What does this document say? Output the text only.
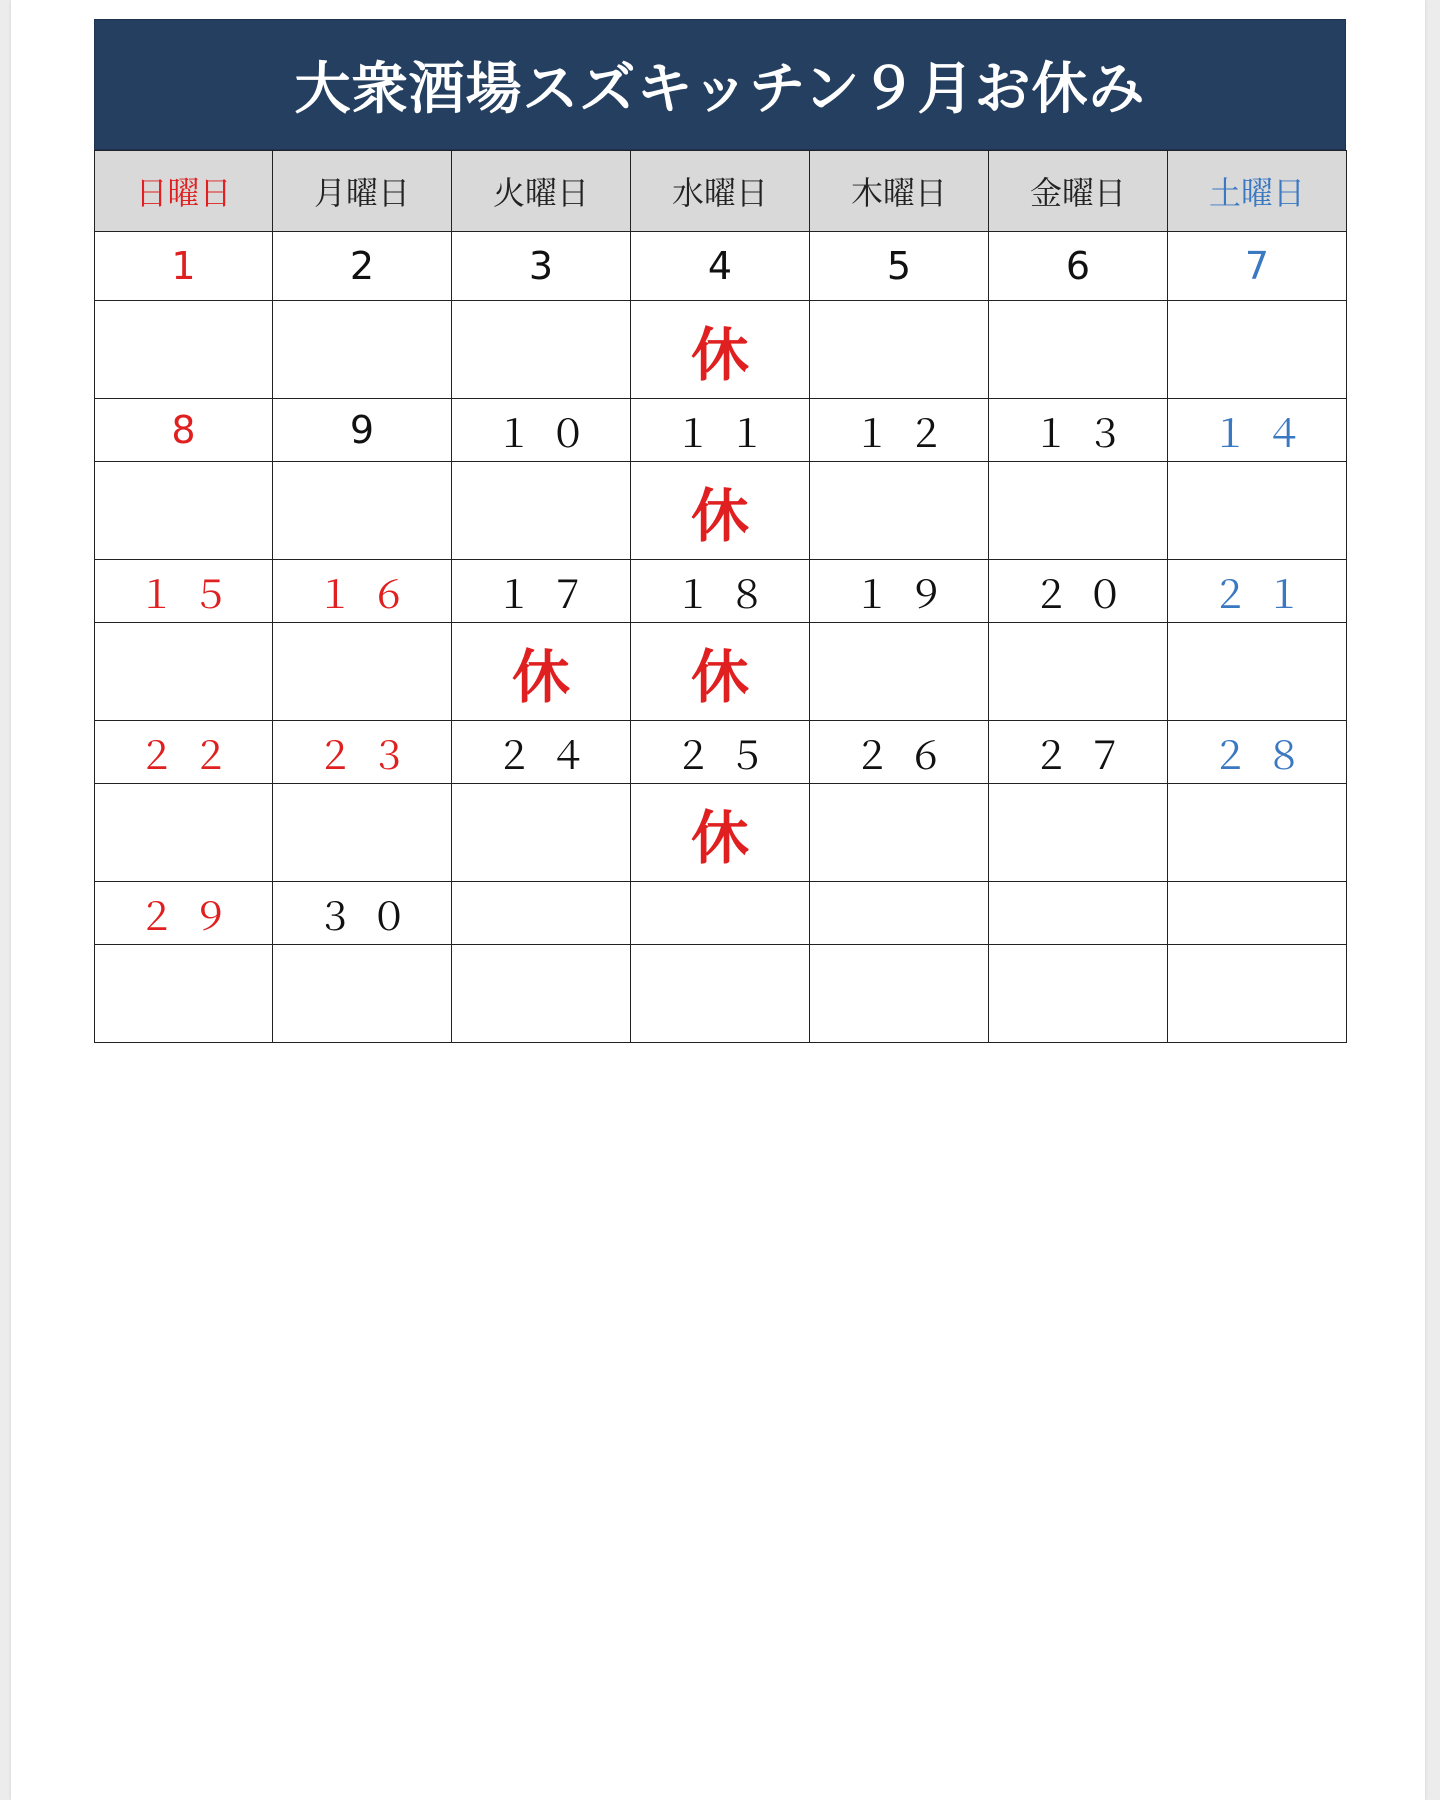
大衆酒場スズキッチン９月お休み
日曜日	月曜日	火曜日	水曜日	木曜日	金曜日	土曜日
1	2	3	4	5	6	7
			休			
8	9	１０	１１	１２	１３	１４
			休			
１５	１６	１７	１８	１９	２０	２１
		休	休			
２２	２３	２４	２５	２６	２７	２８
			休			
２９	３０					
